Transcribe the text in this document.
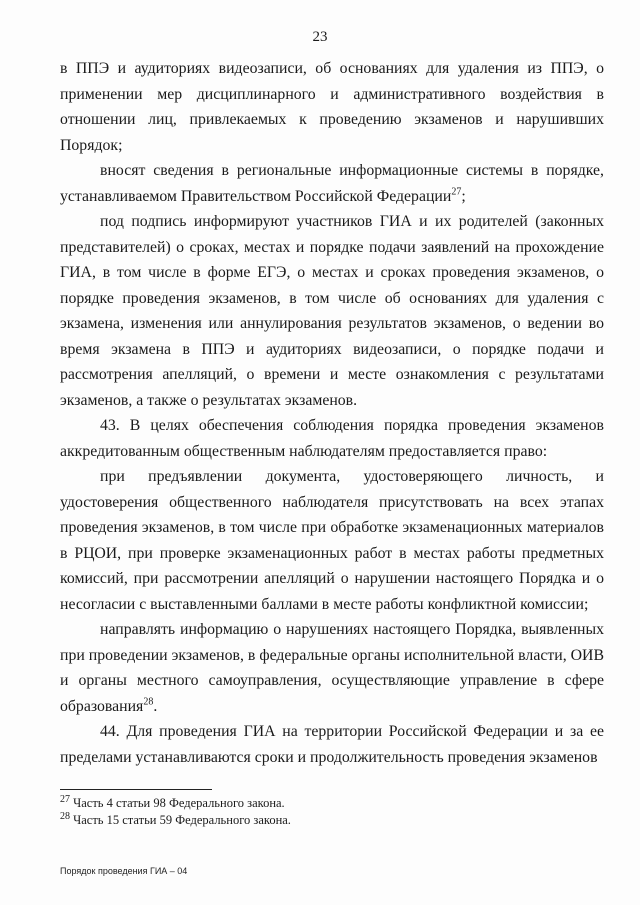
23

в ППЭ и аудиториях видеозаписи, об основаниях для удаления из ППЭ, о применении мер дисциплинарного и административного воздействия в отношении лиц, привлекаемых к проведению экзаменов и нарушивших Порядок;

вносят сведения в региональные информационные системы в порядке, устанавливаемом Правительством Российской Федерации$^{27}$;

под подпись информируют участников ГИА и их родителей (законных представителей) о сроках, местах и порядке подачи заявлений на прохождение ГИА, в том числе в форме ЕГЭ, о местах и сроках проведения экзаменов, о порядке проведения экзаменов, в том числе об основаниях для удаления с экзамена, изменения или аннулирования результатов экзаменов, о ведении во время экзамена в ППЭ и аудиториях видеозаписи, о порядке подачи и рассмотрения апелляций, о времени и месте ознакомления с результатами экзаменов, а также о результатах экзаменов.

43. В целях обеспечения соблюдения порядка проведения экзаменов аккредитованным общественным наблюдателям предоставляется право:

при предъявлении документа, удостоверяющего личность, и удостоверения общественного наблюдателя присутствовать на всех этапах проведения экзаменов, в том числе при обработке экзаменационных материалов в РЦОИ, при проверке экзаменационных работ в местах работы предметных комиссий, при рассмотрении апелляций о нарушении настоящего Порядка и о несогласии с выставленными баллами в месте работы конфликтной комиссии;

направлять информацию о нарушениях настоящего Порядка, выявленных при проведении экзаменов, в федеральные органы исполнительной власти, ОИВ и органы местного самоуправления, осуществляющие управление в сфере образования$^{28}$.

44. Для проведения ГИА на территории Российской Федерации и за ее пределами устанавливаются сроки и продолжительность проведения экзаменов

$^{27}$ Часть 4 статьи 98 Федерального закона.
$^{28}$ Часть 15 статьи 59 Федерального закона.
Порядок проведения ГИА – 04
